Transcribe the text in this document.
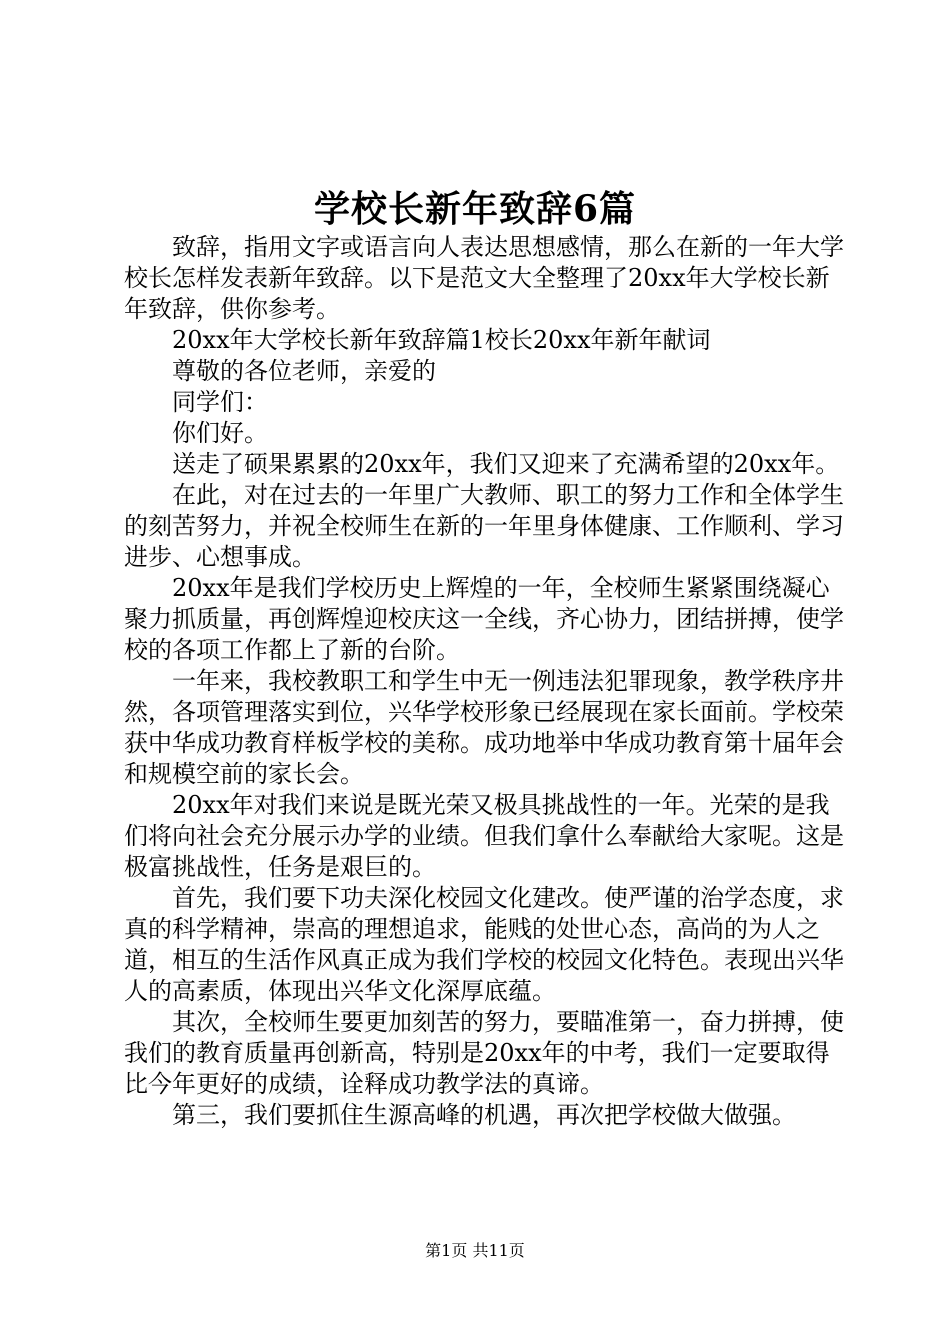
学校长新年致辞6篇

致辞，指用文字或语言向人表达思想感情，那么在新的一年大学校长怎样发表新年致辞。以下是范文大全整理了20xx年大学校长新年致辞，供你参考。

20xx年大学校长新年致辞篇1校长20xx年新年献词

尊敬的各位老师，亲爱的

同学们：

你们好。

送走了硕果累累的20xx年，我们又迎来了充满希望的20xx年。

在此，对在过去的一年里广大教师、职工的努力工作和全体学生的刻苦努力，并祝全校师生在新的一年里身体健康、工作顺利、学习进步、心想事成。

20xx年是我们学校历史上辉煌的一年，全校师生紧紧围绕凝心聚力抓质量，再创辉煌迎校庆这一全线，齐心协力，团结拼搏，使学校的各项工作都上了新的台阶。

一年来，我校教职工和学生中无一例违法犯罪现象，教学秩序井然，各项管理落实到位，兴华学校形象已经展现在家长面前。学校荣获中华成功教育样板学校的美称。成功地举中华成功教育第十届年会和规模空前的家长会。

20xx年对我们来说是既光荣又极具挑战性的一年。光荣的是我们将向社会充分展示办学的业绩。但我们拿什么奉献给大家呢。这是极富挑战性，任务是艰巨的。

首先，我们要下功夫深化校园文化建改。使严谨的治学态度，求真的科学精神，崇高的理想追求，能贱的处世心态，高尚的为人之道，相互的生活作风真正成为我们学校的校园文化特色。表现出兴华人的高素质，体现出兴华文化深厚底蕴。

其次，全校师生要更加刻苦的努力，要瞄准第一，奋力拼搏，使我们的教育质量再创新高，特别是20xx年的中考，我们一定要取得比今年更好的成绩，诠释成功教学法的真谛。

第三，我们要抓住生源高峰的机遇，再次把学校做大做强。

第1页 共11页
